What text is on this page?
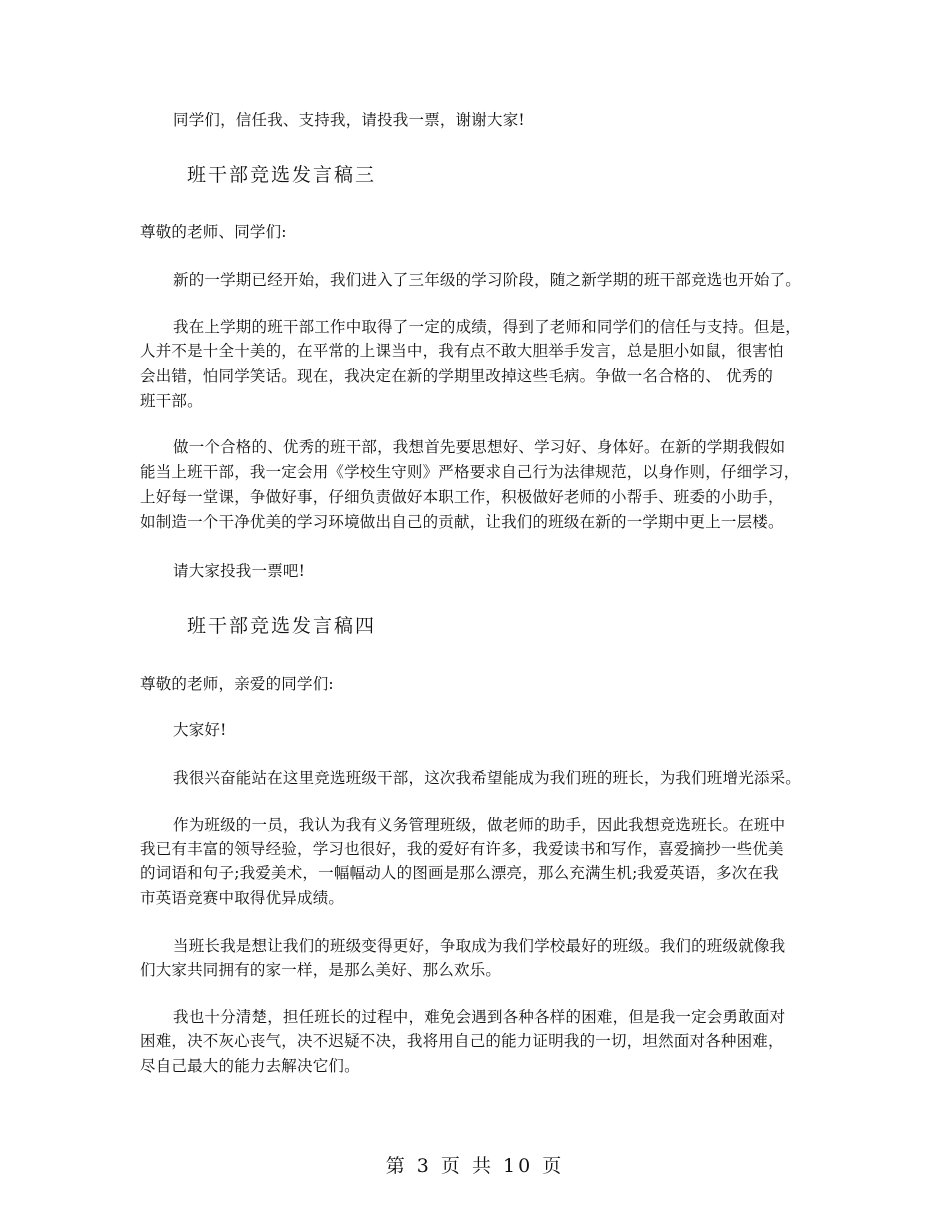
同学们，信任我、支持我，请投我一票，谢谢大家!
班干部竞选发言稿三
尊敬的老师、同学们:
新的一学期已经开始，我们进入了三年级的学习阶段，随之新学期的班干部竞选也开始了。
我在上学期的班干部工作中取得了一定的成绩，得到了老师和同学们的信任与支持。但是，
人并不是十全十美的，在平常的上课当中，我有点不敢大胆举手发言，总是胆小如鼠，很害怕
会出错，怕同学笑话。现在，我决定在新的学期里改掉这些毛病。争做一名合格的、 优秀的
班干部。
做一个合格的、优秀的班干部，我想首先要思想好、学习好、身体好。在新的学期我假如
能当上班干部，我一定会用《学校生守则》严格要求自己行为法律规范，以身作则，仔细学习，
上好每一堂课，争做好事，仔细负责做好本职工作，积极做好老师的小帮手、班委的小助手，
如制造一个干净优美的学习环境做出自己的贡献，让我们的班级在新的一学期中更上一层楼。
请大家投我一票吧!
班干部竞选发言稿四
尊敬的老师，亲爱的同学们:
大家好!
我很兴奋能站在这里竞选班级干部，这次我希望能成为我们班的班长，为我们班增光添采。
作为班级的一员，我认为我有义务管理班级，做老师的助手，因此我想竞选班长。在班中
我已有丰富的领导经验，学习也很好，我的爱好有许多，我爱读书和写作，喜爱摘抄一些优美
的词语和句子;我爱美术，一幅幅动人的图画是那么漂亮，那么充满生机;我爱英语，多次在我
市英语竞赛中取得优异成绩。
当班长我是想让我们的班级变得更好，争取成为我们学校最好的班级。我们的班级就像我
们大家共同拥有的家一样，是那么美好、那么欢乐。
我也十分清楚，担任班长的过程中，难免会遇到各种各样的困难，但是我一定会勇敢面对
困难，决不灰心丧气，决不迟疑不决，我将用自己的能力证明我的一切，坦然面对各种困难，
尽自己最大的能力去解决它们。
第 3 页 共 10 页
